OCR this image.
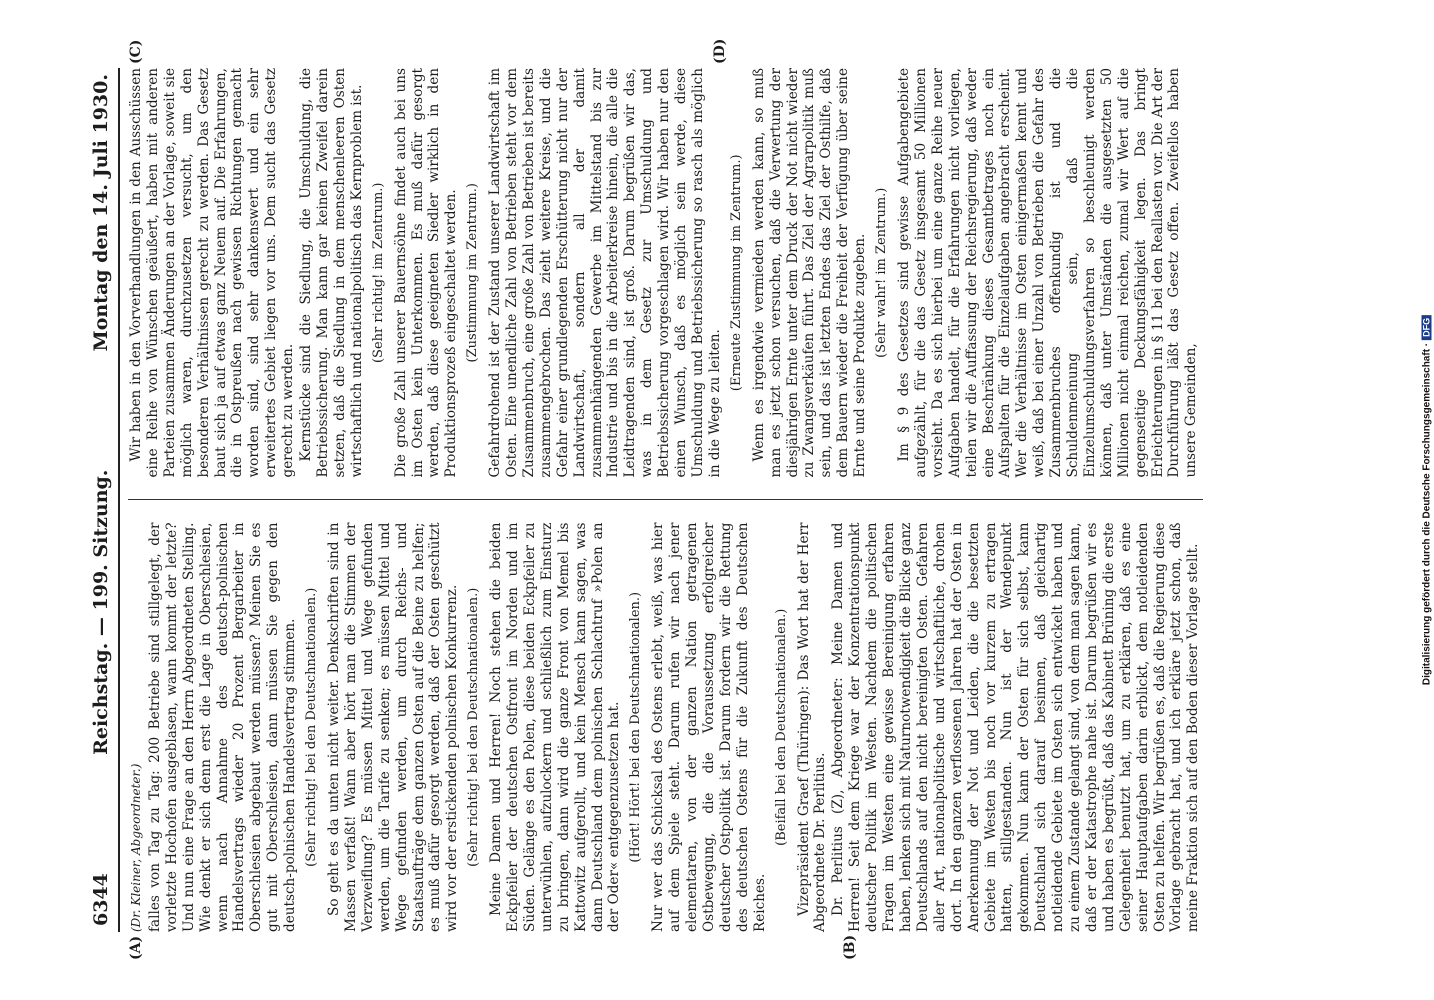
6344
Reichstag. — 199. Sitzung.
Montag den 14. Juli 1930.
(Dr. Kleiner, Abgeordneter.) falles von Tag zu Tag: 200 Betriebe sind stillgelegt, der vorletzte Hochofen ausgeblasen, wann kommt der letzte? Und nun eine Frage an den Herrn Abgeordneten Stelling. Wie denkt er sich denn erst die Lage in Oberschlesien, wenn nach Annahme des deutsch-polnischen Handelsvertrags wieder 20 Prozent Bergarbeiter in Oberschlesien abgebaut werden müssen? Meinen Sie es gut mit Oberschlesien, dann müssen Sie gegen den deutsch-polnischen Handelsvertrag stimmen. (Sehr richtig! bei den Deutschnationalen.) So geht es da unten nicht weiter. Denkschriften sind in Massen verfaßt! Wann aber hört man die Stimmen der Verzweiflung? Es müssen Mittel und Wege gefunden werden, um die Tarife zu senken; es müssen Mittel und Wege gefunden werden, um durch Reichs- und Staatsaufträge dem ganzen Osten auf die Beine zu helfen; es muß dafür gesorgt werden, daß der Osten geschützt wird vor der erstickenden polnischen Konkurrenz. (Sehr richtig! bei den Deutschnationalen.) Meine Damen und Herren! Noch stehen die beiden Eckpfeiler der deutschen Ostfront im Norden und im Süden. Gelänge es den Polen, diese beiden Eckpfeiler zu unterwühlen, aufzulockern und schließlich zum Einsturz zu bringen, dann wird die ganze Front von Memel bis Kattowitz aufgerollt, und kein Mensch kann sagen, was dann Deutschland dem polnischen Schlachtruf »Polen an der Oder« entgegenzusetzen hat. (Hört! Hört! bei den Deutschnationalen.) Nur wer das Schicksal des Ostens erlebt, weiß, was hier auf dem Spiele steht. Darum rufen wir nach jener elementaren, von der ganzen Nation getragenen Ostbewegung, die die Voraussetzung erfolgreicher deutscher Ostpolitik ist. Darum fordern wir die Rettung des deutschen Ostens für die Zukunft des Deutschen Reiches.

(Beifall bei den Deutschnationalen.) Vizepräsident Graef (Thüringen): Das Wort hat der Herr Abgeordnete Dr. Perlitius. Dr. Perlitius (Z), Abgeordneter: Meine Damen und Herren! Seit dem Kriege war der Konzentrationspunkt deutscher Politik im Westen. Nachdem die politischen Fragen im Westen eine gewisse Bereinigung erfahren haben, lenken sich mit Naturnotwendigkeit die Blicke ganz Deutschlands auf den nicht bereinigten Osten. Gefahren aller Art, nationalpolitische und wirtschaftliche, drohen dort. In den ganzen verflossenen Jahren hat der Osten in Anerkennung der Not und Leiden, die die besetzten Gebiete im Westen bis noch vor kurzem zu ertragen hatten, stillgestanden. Nun ist der Wendepunkt gekommen. Nun kann der Osten für sich selbst, kann Deutschland sich darauf besinnen, daß gleichartig notleidende Gebiete im Osten sich entwickelt haben und zu einem Zustande gelangt sind, von dem man sagen kann, daß er der Katastrophe nahe ist. Darum begrüßen wir es und haben es begrüßt, daß das Kabinett Brüning die erste Gelegenheit benutzt hat, um zu erklären, daß es eine seiner Hauptaufgaben darin erblickt, dem notleidenden Osten zu helfen. Wir begrüßen es, daß die Regierung diese Vorlage gebracht hat, und ich erkläre jetzt schon, daß meine Fraktion sich auf den Boden dieser Vorlage stellt.

Wir haben in den Vorverhandlungen in den Ausschüssen eine Reihe von Wünschen geäußert, haben mit anderen Parteien zusammen Änderungen an der Vorlage, soweit sie möglich waren, durchzusetzen versucht, um den besonderen Verhältnissen gerecht zu werden. Das Gesetz baut sich ja auf etwas ganz Neuem auf. Die Erfahrungen, die in Ostpreußen nach gewissen Richtungen gemacht worden sind, sind sehr dankenswert und ein sehr erweitertes Gebiet liegen vor uns. Dem sucht das Gesetz gerecht zu werden. Kernstücke sind die Siedlung, die Umschuldung, die Betriebssicherung. Man kann gar keinen Zweifel darein setzen, daß die Siedlung in dem menschenleeren Osten wirtschaftlich und nationalpolitisch das Kernproblem ist. (Sehr richtig! im Zentrum.) Die große Zahl unserer Bauernsöhne findet auch bei uns im Osten kein Unterkommen. Es muß dafür gesorgt werden, daß diese geeigneten Siedler wirklich in den Produktionsprozeß eingeschaltet werden. (Zustimmung im Zentrum.) Gefahrdrohend ist der Zustand unserer Landwirtschaft im Osten. Eine unendliche Zahl von Betrieben steht vor dem Zusammenbruch, eine große Zahl von Betrieben ist bereits zusammengebrochen. Das zieht weitere Kreise, und die Gefahr einer grundlegenden Erschütterung nicht nur der Landwirtschaft, sondern all der damit zusammenhängenden Gewerbe im Mittelstand bis zur Industrie und bis in die Arbeiterkreise hinein, die alle die Leidtragenden sind, ist groß. Darum begrüßen wir das, was in dem Gesetz zur Umschuldung und Betriebssicherung vorgeschlagen wird. Wir haben nur den einen Wunsch, daß es möglich sein werde, diese Umschuldung und Betriebssicherung so rasch als möglich in die Wege zu leiten.

(Erneute Zustimmung im Zentrum.) Wenn es irgendwie vermieden werden kann, so muß man es jetzt schon versuchen, daß die Verwertung der diesjährigen Ernte unter dem Druck der Not nicht wieder zu Zwangsverkäufen führt. Das Ziel der Agrarpolitik muß sein, und das ist letzten Endes das Ziel der Osthilfe, daß dem Bauern wieder die Freiheit der Verfügung über seine Ernte und seine Produkte zugeben. (Sehr wahr! im Zentrum.) Im § 9 des Gesetzes sind gewisse Aufgabengebiete aufgezählt, für die das Gesetz insgesamt 50 Millionen vorsieht. Da es sich hierbei um eine ganze Reihe neuer Aufgaben handelt, für die Erfahrungen nicht vorliegen, teilen wir die Auffassung der Reichsregierung, daß weder eine Beschränkung dieses Gesamtbetrages noch ein Aufspalten für die Einzelaufgaben angebracht erscheint. Wer die Verhältnisse im Osten einigermaßen kennt und weiß, daß bei einer Unzahl von Betrieben die Gefahr des Zusammenbruches offenkundig ist und die Schuldenmeinung sein, daß die Einzelumschuldungsverfahren so beschleunigt werden können, daß unter Umständen die ausgesetzten 50 Millionen nicht einmal reichen, zumal wir Wert auf die gegenseitige Deckungsfähigkeit legen. Das bringt Erleichterungen in § 11 bei den Reallasten vor. Die Art der Durchführung läßt das Gesetz offen. Zweifellos haben unsere Gemeinden,

(A)	(B)
(C)	(D)
Digitalisierung gefördert durch die Deutsche Forschungsgemeinschaft ·DFG
